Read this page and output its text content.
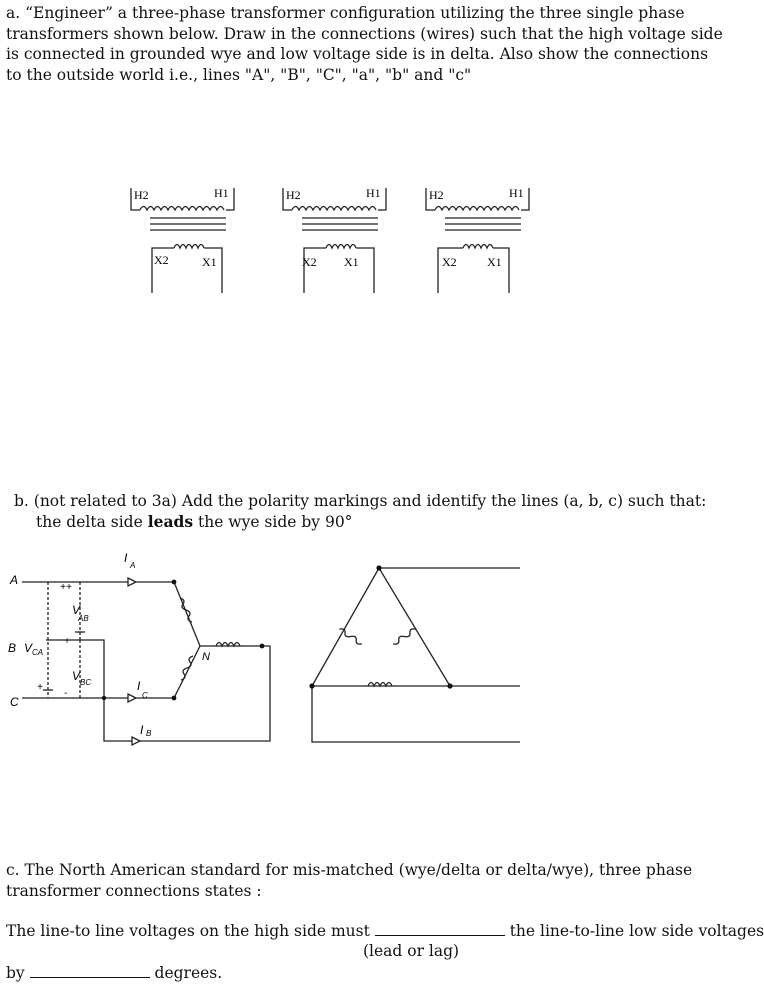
a. “Engineer” a three-phase transformer configuration utilizing the three single phase transformers shown below. Draw in the connections (wires) such that the high voltage side is connected in grounded wye and low voltage side is in delta. Also show the connections to the outside world i.e., lines "A", "B", "C", "a", "b" and "c"
H2	H1
X2	X1
H2	H1
X2 X1
H2	H1
X2	X1
b. (not related to 3a) Add the polarity markings and identify the lines (a, b, c) such that:
the delta side leads the wye side by 90°
A
B
C
V CA
V
AB
V BC
I
A
I
C
I B
N
+ +
+
+
-
c. The North American standard for mis-matched (wye/delta or delta/wye), three phase transformer connections states :
The line-to line voltages on the high side must	the line-to-line low side voltages
(lead or lag)
by	degrees.
